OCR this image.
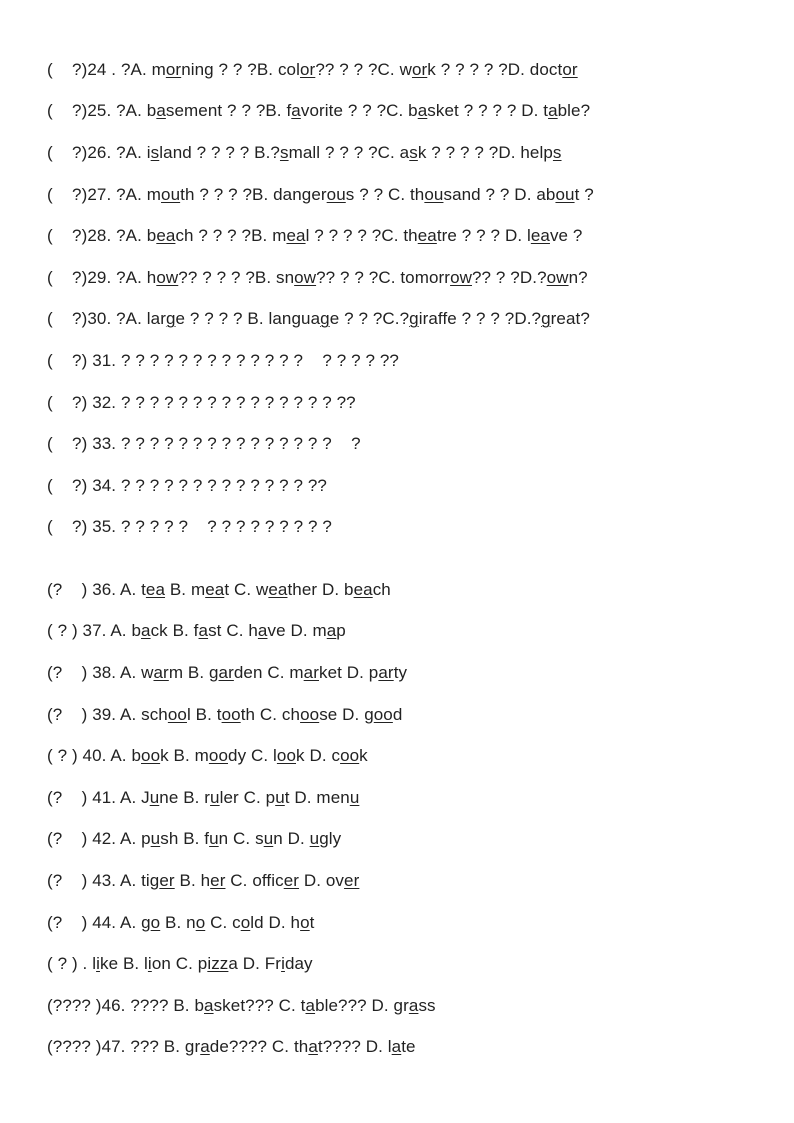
(    ?)24 . ?A. morning ? ? ?B. color?? ? ? ?C. work ? ? ? ? ?D. doctor
(    ?)25. ?A. basement ? ? ?B. favorite ? ? ?C. basket ? ? ? ? D. table?
(    ?)26. ?A. island ? ? ? ? B.?small ? ? ? ?C. ask ? ? ? ? ?D. helps
(    ?)27. ?A. mouth ? ? ? ?B. dangerous ? ? C. thousand ? ? D. about ?
(    ?)28. ?A. beach ? ? ? ?B. meal ? ? ? ? ?C. theatre ? ? ? D. leave ?
(    ?)29. ?A. how?? ? ? ? ?B. snow?? ? ? ?C. tomorrow?? ? ?D.?own?
(    ?)30. ?A. large ? ? ? ? B. language ? ? ?C.?giraffe ? ? ? ?D.?great?
(    ?) 31. ? ? ? ? ? ? ? ? ? ? ? ? ?    ? ? ? ? ??
(    ?) 32. ? ? ? ? ? ? ? ? ? ? ? ? ? ? ? ??
(    ?) 33. ? ? ? ? ? ? ? ? ? ? ? ? ? ? ?    ?
(    ?) 34. ? ? ? ? ? ? ? ? ? ? ? ? ? ??
(    ?) 35. ? ? ? ? ?    ? ? ? ? ? ? ? ? ?
(?    ) 36. A. tea B. meat C. weather D. beach
( ? ) 37. A. back B. fast C. have D. map
(?    ) 38. A. warm B. garden C. market D. party
(?    ) 39. A. school B. tooth C. choose D. good
( ? ) 40. A. book B. moody C. look D. cook
(?    ) 41. A. June B. ruler C. put D. menu
(?    ) 42. A. push B. fun C. sun D. ugly
(?    ) 43. A. tiger B. her C. officer D. over
(?    ) 44. A. go B. no C. cold D. hot
( ? ) . like B. lion C. pizza D. Friday
(???? )46. ???? B. basket??? C. table??? D. grass
(???? )47. ??? B. grade???? C. that???? D. late
